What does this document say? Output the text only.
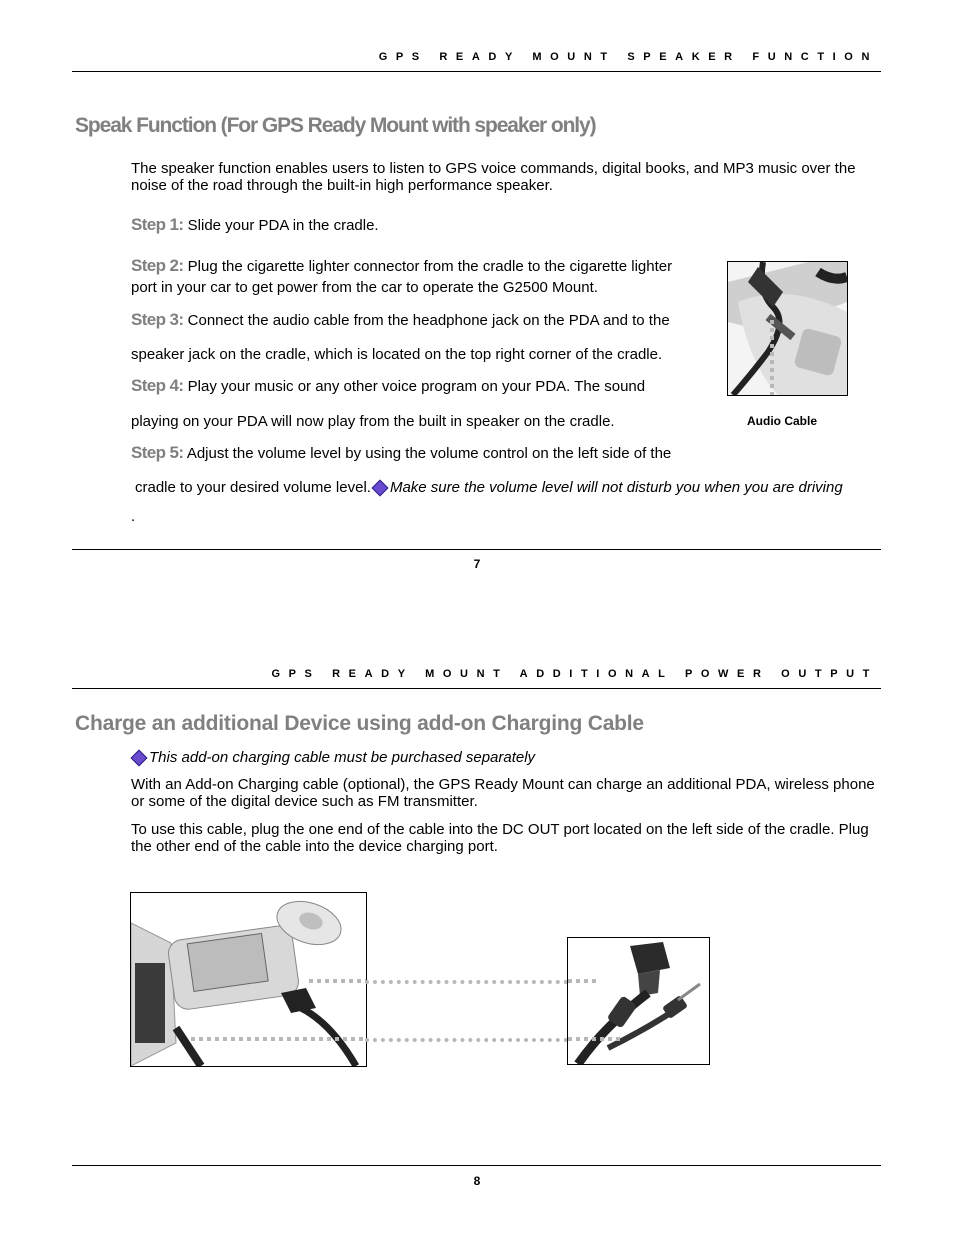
GPS READY MOUNT SPEAKER FUNCTION
Speak Function (For GPS Ready Mount with speaker only)
The speaker function enables users to listen to GPS voice commands, digital books, and MP3 music over the noise of the road through the built-in high performance speaker.
Step 1: Slide your PDA in the cradle.
Step 2: Plug the cigarette lighter connector from the cradle to the cigarette lighter
port in your car to get power from the car to operate the G2500 Mount.
Step 3: Connect the audio cable from the headphone jack on the PDA and to the
speaker jack on the cradle, which is located on the top right corner of the cradle.
Step 4: Play your music or any other voice program on your PDA. The sound
playing on your PDA will now play from the built in speaker on the cradle.
Step 5: Adjust the volume level by using the volume control on the left side of the
cradle to your desired volume level. Make sure the volume level will not disturb you when you are driving
.
Audio Cable
7
GPS READY MOUNT ADDITIONAL POWER OUTPUT
Charge an additional Device using add-on Charging Cable
This add-on charging cable must be purchased separately
With an Add-on Charging cable (optional), the GPS Ready Mount can charge an additional PDA, wireless phone or some of the digital device such as FM transmitter.
To use this cable, plug the one end of the cable into the DC OUT port located on the left side of the cradle. Plug the other end of the cable into the device charging port.
8
